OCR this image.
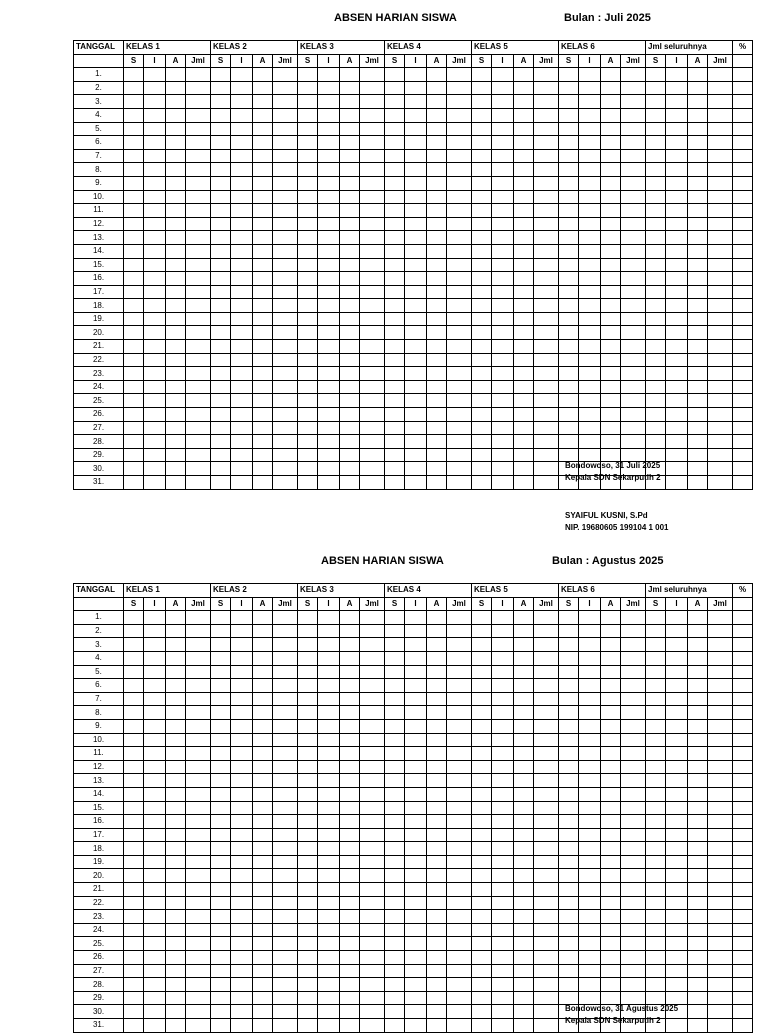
ABSEN HARIAN SISWA	Bulan : Juli 2025
TANGGAL	KELAS 1				KELAS 2				KELAS 3				KELAS 4				KELAS 5				KELAS 6				Jml seluruhnya				%
	S	I	A	Jml	S	I	A	Jml	S	I	A	Jml	S	I	A	Jml	S	I	A	Jml	S	I	A	Jml	S	I	A	Jml	
1.																													
2.																													
3.																													
4.																													
5.																													
6.																													
7.																													
8.																													
9.																													
10.																													
11.																													
12.																													
13.																													
14.																													
15.																													
16.																													
17.																													
18.																													
19.																													
20.																													
21.																													
22.																													
23.																													
24.																													
25.																													
26.																													
27.																													
28.																													
29.																													
30.																													
31.																													
Bondowoso, 31 Juli 2025
Kepala SDN Sekarputih 2
SYAIFUL KUSNI, S.Pd
NIP. 19680605 199104 1 001
ABSEN HARIAN SISWA	Bulan : Agustus 2025
TANGGAL	KELAS 1				KELAS 2				KELAS 3				KELAS 4				KELAS 5				KELAS 6				Jml seluruhnya				%
	S	I	A	Jml	S	I	A	Jml	S	I	A	Jml	S	I	A	Jml	S	I	A	Jml	S	I	A	Jml	S	I	A	Jml	
1.																													
2.																													
3.																													
4.																													
5.																													
6.																													
7.																													
8.																													
9.																													
10.																													
11.																													
12.																													
13.																													
14.																													
15.																													
16.																													
17.																													
18.																													
19.																													
20.																													
21.																													
22.																													
23.																													
24.																													
25.																													
26.																													
27.																													
28.																													
29.																													
30.																													
31.																													
Bondowoso, 31 Agustus 2025
Kepala SDN Sekarputih 2
